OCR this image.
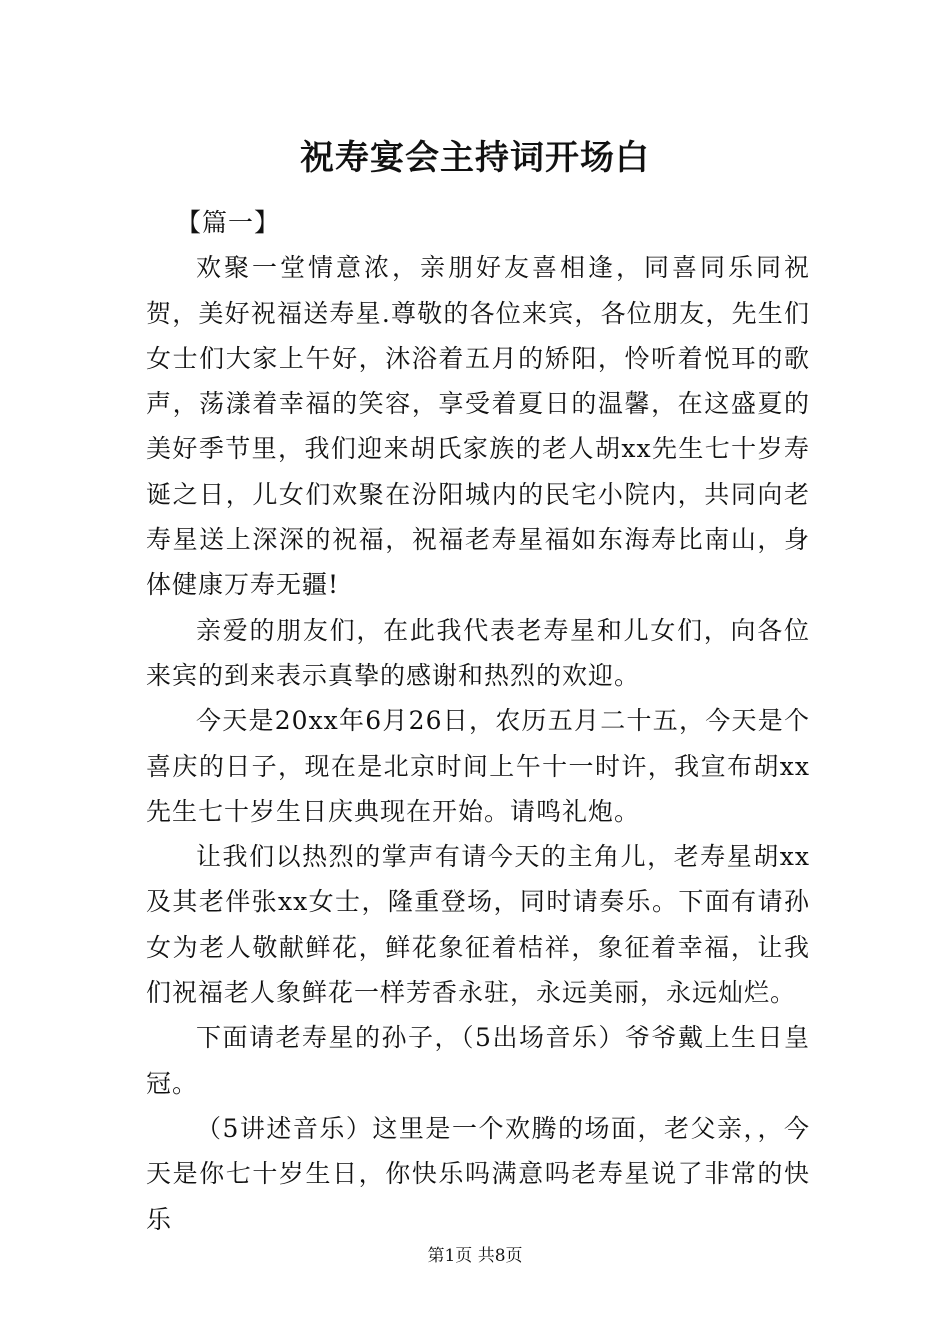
祝寿宴会主持词开场白

【篇一】

欢聚一堂情意浓，亲朋好友喜相逢，同喜同乐同祝贺，美好祝福送寿星.尊敬的各位来宾，各位朋友，先生们女士们大家上午好，沐浴着五月的矫阳，怜听着悦耳的歌声，荡漾着幸福的笑容，享受着夏日的温馨，在这盛夏的美好季节里，我们迎来胡氏家族的老人胡xx先生七十岁寿诞之日，儿女们欢聚在汾阳城内的民宅小院内，共同向老寿星送上深深的祝福，祝福老寿星福如东海寿比南山，身体健康万寿无疆!

亲爱的朋友们，在此我代表老寿星和儿女们，向各位来宾的到来表示真挚的感谢和热烈的欢迎。

今天是20xx年6月26日，农历五月二十五，今天是个喜庆的日子，现在是北京时间上午十一时许，我宣布胡xx先生七十岁生日庆典现在开始。请鸣礼炮。

让我们以热烈的掌声有请今天的主角儿，老寿星胡xx及其老伴张xx女士，隆重登场，同时请奏乐。下面有请孙女为老人敬献鲜花，鲜花象征着桔祥，象征着幸福，让我们祝福老人象鲜花一样芳香永驻，永远美丽，永远灿烂。

下面请老寿星的孙子，（5出场音乐）爷爷戴上生日皇冠。

（5讲述音乐）这里是一个欢腾的场面，老父亲，，今天是你七十岁生日，你快乐吗满意吗老寿星说了非常的快乐

第1页 共8页
